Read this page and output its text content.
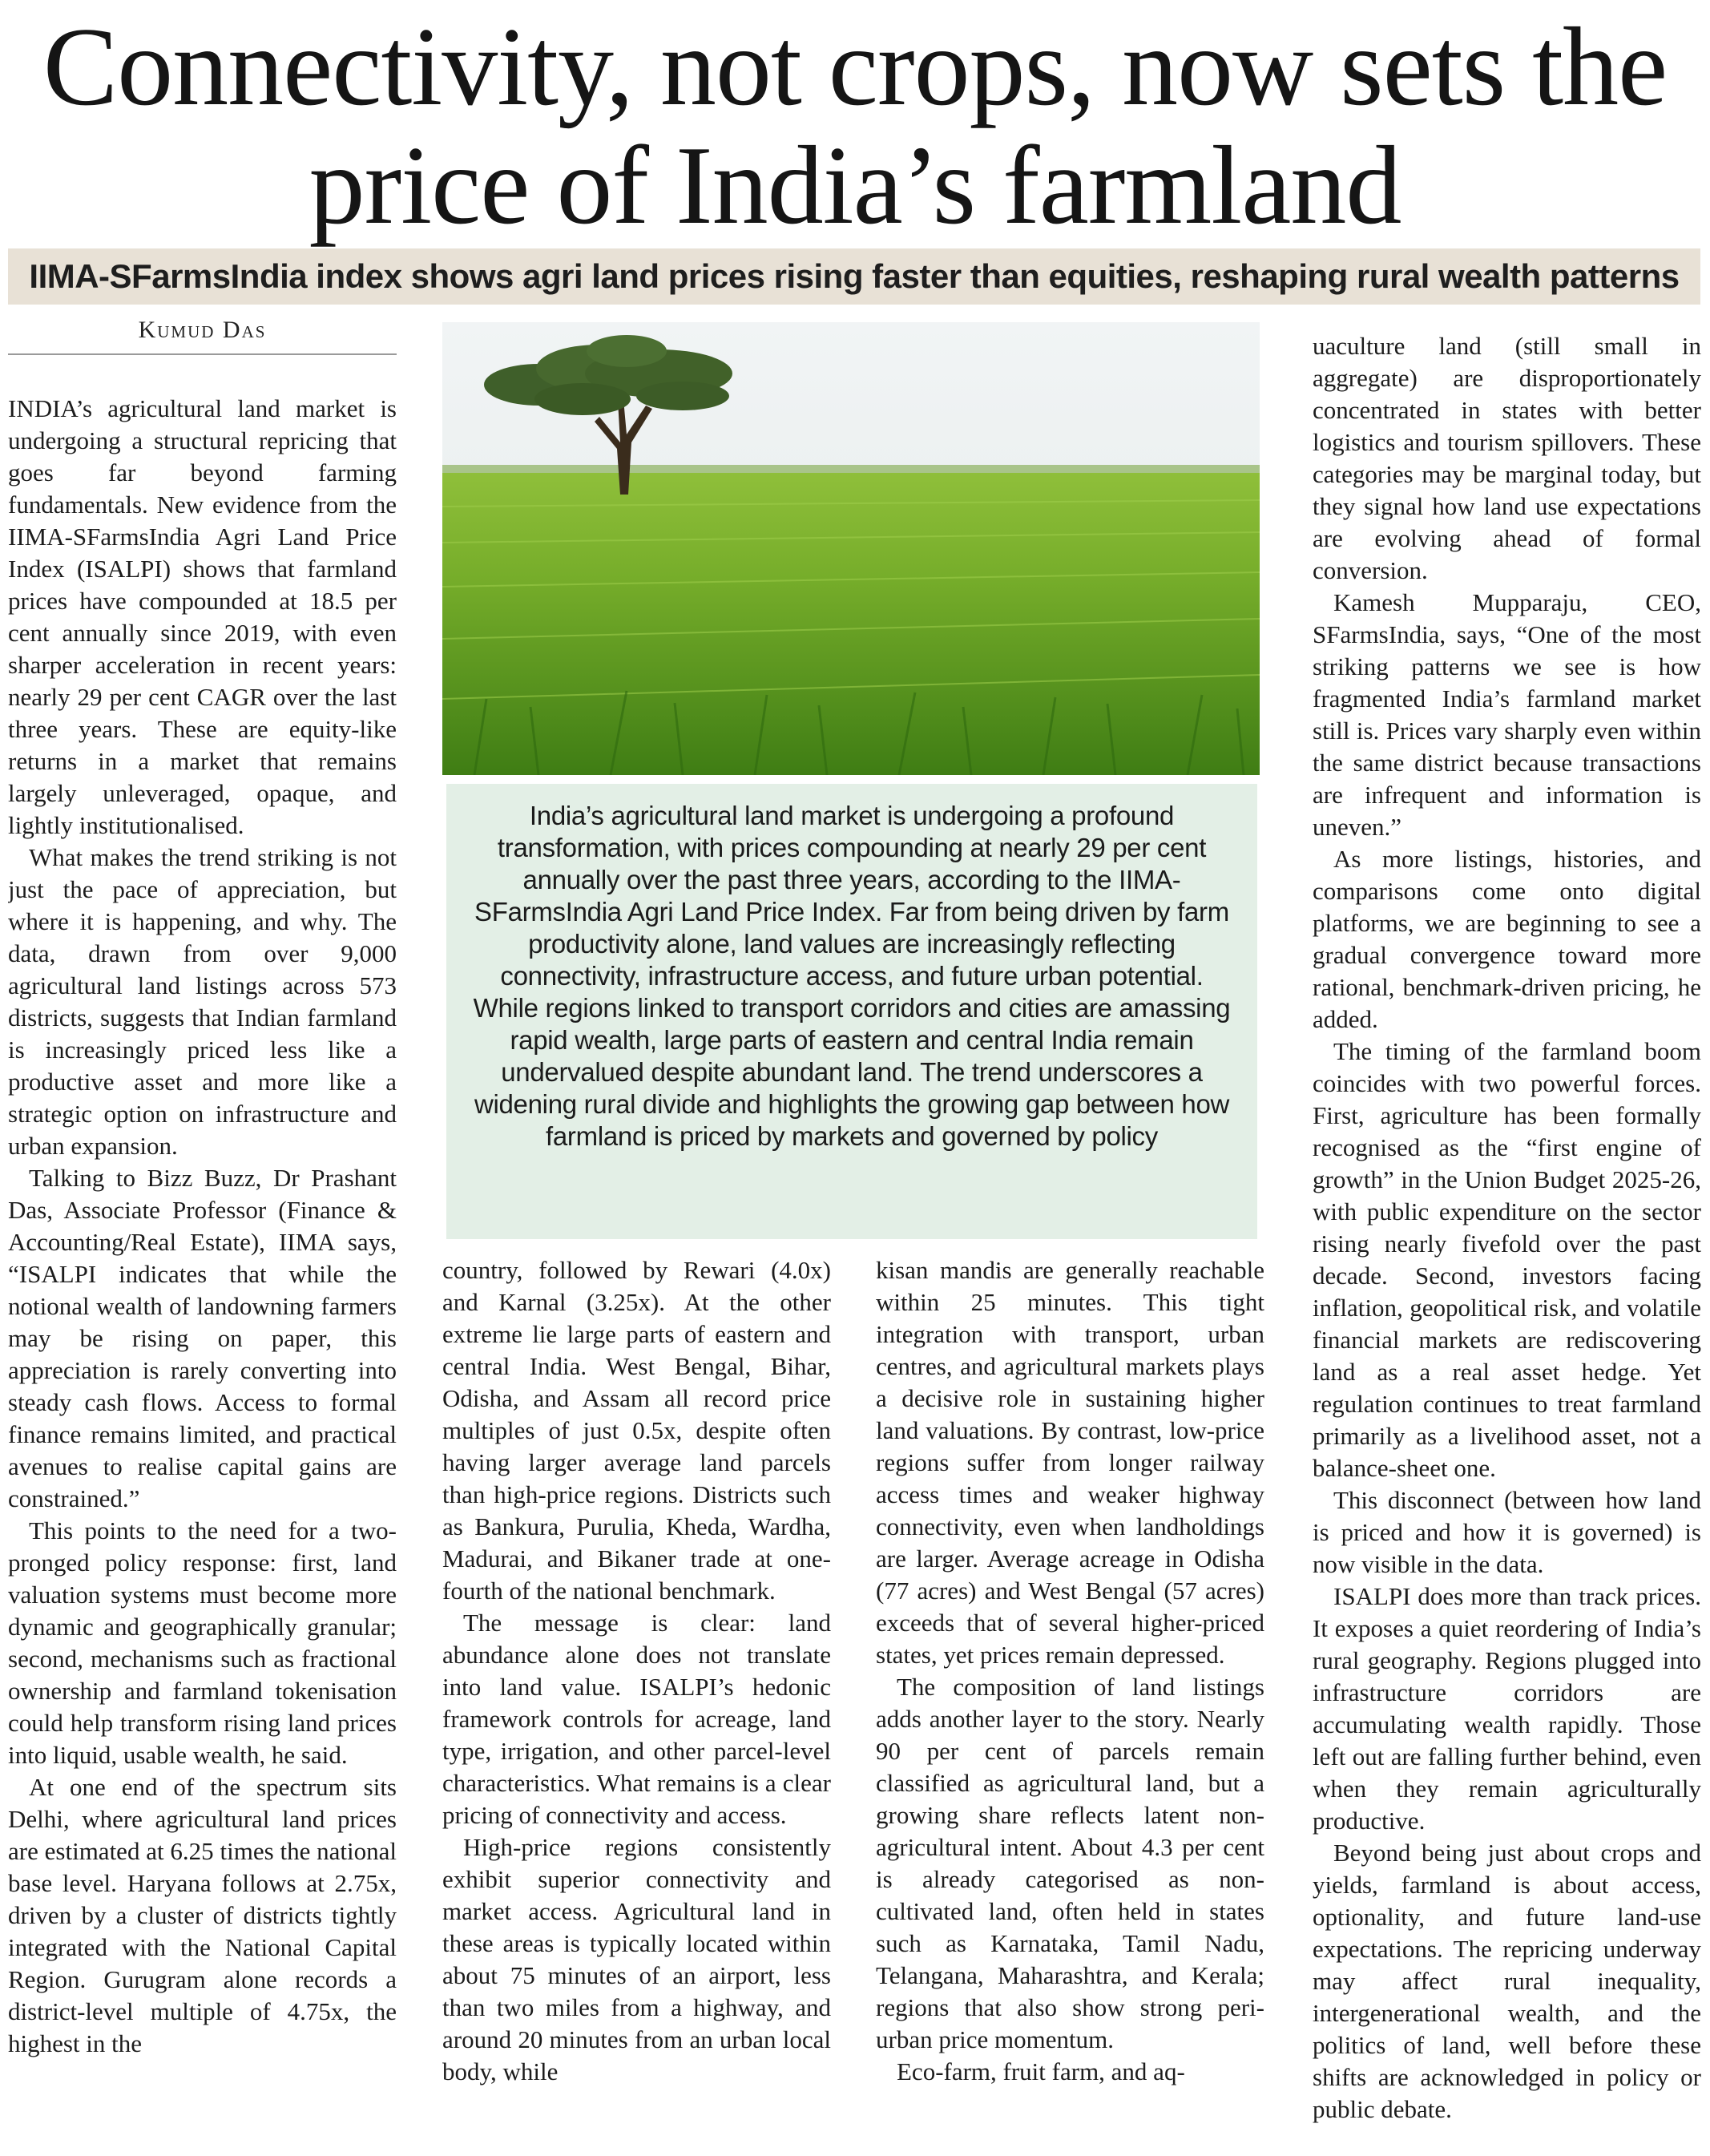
Connectivity, not crops, now sets the price of India’s farmland
IIMA-SFarmsIndia index shows agri land prices rising faster than equities, reshaping rural wealth patterns
Kumud Das

INDIA’s agricultural land market is undergoing a structural repricing that goes far beyond farming fundamentals. New evidence from the IIMA-SFarmsIndia Agri Land Price Index (ISALPI) shows that farmland prices have compounded at 18.5 per cent annually since 2019, with even sharper acceleration in recent years: nearly 29 per cent CAGR over the last three years. These are equity-like returns in a market that remains largely unleveraged, opaque, and lightly institutionalised.

What makes the trend striking is not just the pace of appreciation, but where it is happening, and why. The data, drawn from over 9,000 agricultural land listings across 573 districts, suggests that Indian farmland is increasingly priced less like a productive asset and more like a strategic option on infrastructure and urban expansion.

Talking to Bizz Buzz, Dr Prashant Das, Associate Professor (Finance & Accounting/Real Estate), IIMA says, “ISALPI indicates that while the notional wealth of landowning farmers may be rising on paper, this appreciation is rarely converting into steady cash flows. Access to formal finance remains limited, and practical avenues to realise capital gains are constrained.”

This points to the need for a two-pronged policy response: first, land valuation systems must become more dynamic and geographically granular; second, mechanisms such as fractional ownership and farmland tokenisation could help transform rising land prices into liquid, usable wealth, he said.

At one end of the spectrum sits Delhi, where agricultural land prices are estimated at 6.25 times the national base level. Haryana follows at 2.75x, driven by a cluster of districts tightly integrated with the National Capital Region. Gurugram alone records a district-level multiple of 4.75x, the highest in the

India’s agricultural land market is undergoing a profound transformation, with prices compounding at nearly 29 per cent annually over the past three years, according to the IIMA-SFarmsIndia Agri Land Price Index. Far from being driven by farm productivity alone, land values are increasingly reflecting connectivity, infrastructure access, and future urban potential. While regions linked to transport corridors and cities are amassing rapid wealth, large parts of eastern and central India remain undervalued despite abundant land. The trend underscores a widening rural divide and highlights the growing gap between how farmland is priced by markets and governed by policy

country, followed by Rewari (4.0x) and Karnal (3.25x). At the other extreme lie large parts of eastern and central India. West Bengal, Bihar, Odisha, and Assam all record price multiples of just 0.5x, despite often having larger average land parcels than high-price regions. Districts such as Bankura, Purulia, Kheda, Wardha, Madurai, and Bikaner trade at one-fourth of the national benchmark.

The message is clear: land abundance alone does not translate into land value. ISALPI’s hedonic framework controls for acreage, land type, irrigation, and other parcel-level characteristics. What remains is a clear pricing of connectivity and access.

High-price regions consistently exhibit superior connectivity and market access. Agricultural land in these areas is typically located within about 75 minutes of an airport, less than two miles from a highway, and around 20 minutes from an urban local body, while

kisan mandis are generally reachable within 25 minutes. This tight integration with transport, urban centres, and agricultural markets plays a decisive role in sustaining higher land valuations. By contrast, low-price regions suffer from longer railway access times and weaker highway connectivity, even when landholdings are larger. Average acreage in Odisha (77 acres) and West Bengal (57 acres) exceeds that of several higher-priced states, yet prices remain depressed.

The composition of land listings adds another layer to the story. Nearly 90 per cent of parcels remain classified as agricultural land, but a growing share reflects latent non-agricultural intent. About 4.3 per cent is already categorised as non-cultivated land, often held in states such as Karnataka, Tamil Nadu, Telangana, Maharashtra, and Kerala; regions that also show strong peri-urban price momentum.

Eco-farm, fruit farm, and aq-

uaculture land (still small in aggregate) are disproportionately concentrated in states with better logistics and tourism spillovers. These categories may be marginal today, but they signal how land use expectations are evolving ahead of formal conversion.

Kamesh Mupparaju, CEO, SFarmsIndia, says, “One of the most striking patterns we see is how fragmented India’s farmland market still is. Prices vary sharply even within the same district because transactions are infrequent and information is uneven.”

As more listings, histories, and comparisons come onto digital platforms, we are beginning to see a gradual convergence toward more rational, benchmark-driven pricing, he added.

The timing of the farmland boom coincides with two powerful forces. First, agriculture has been formally recognised as the “first engine of growth” in the Union Budget 2025-26, with public expenditure on the sector rising nearly fivefold over the past decade. Second, investors facing inflation, geopolitical risk, and volatile financial markets are rediscovering land as a real asset hedge. Yet regulation continues to treat farmland primarily as a livelihood asset, not a balance-sheet one.

This disconnect (between how land is priced and how it is governed) is now visible in the data.

ISALPI does more than track prices. It exposes a quiet reordering of India’s rural geography. Regions plugged into infrastructure corridors are accumulating wealth rapidly. Those left out are falling further behind, even when they remain agriculturally productive.

Beyond being just about crops and yields, farmland is about access, optionality, and future land-use expectations. The repricing underway may affect rural inequality, intergenerational wealth, and the politics of land, well before these shifts are acknowledged in policy or public debate.
